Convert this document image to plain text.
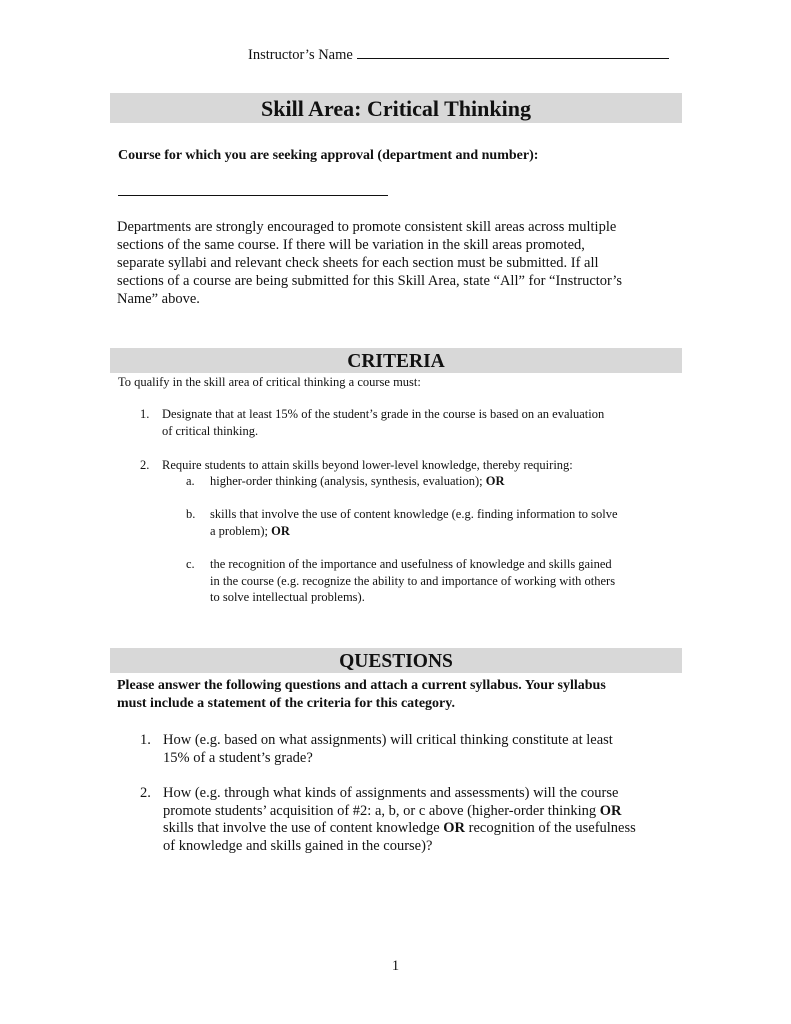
Instructor’s Name
Skill Area: Critical Thinking
Course for which you are seeking approval (department and number):

Departments are strongly encouraged to promote consistent skill areas across multiple
sections of the same course. If there will be variation in the skill areas promoted,
separate syllabi and relevant check sheets for each section must be submitted. If all
sections of a course are being submitted for this Skill Area, state “All” for “Instructor’s
Name” above.

CRITERIA
To qualify in the skill area of critical thinking a course must:
1. Designate that at least 15% of the student’s grade in the course is based on an evaluation
of critical thinking.
2. Require students to attain skills beyond lower-level knowledge, thereby requiring:
a. higher-order thinking (analysis, synthesis, evaluation); OR
b. skills that involve the use of content knowledge (e.g. finding information to solve
a problem); OR
c. the recognition of the importance and usefulness of knowledge and skills gained
in the course (e.g. recognize the ability to and importance of working with others
to solve intellectual problems).
QUESTIONS
Please answer the following questions and attach a current syllabus. Your syllabus
must include a statement of the criteria for this category.
1. How (e.g. based on what assignments) will critical thinking constitute at least
15% of a student’s grade?
2. How (e.g. through what kinds of assignments and assessments) will the course
promote students’ acquisition of #2: a, b, or c above (higher-order thinking OR
skills that involve the use of content knowledge OR recognition of the usefulness
of knowledge and skills gained in the course)?
1
